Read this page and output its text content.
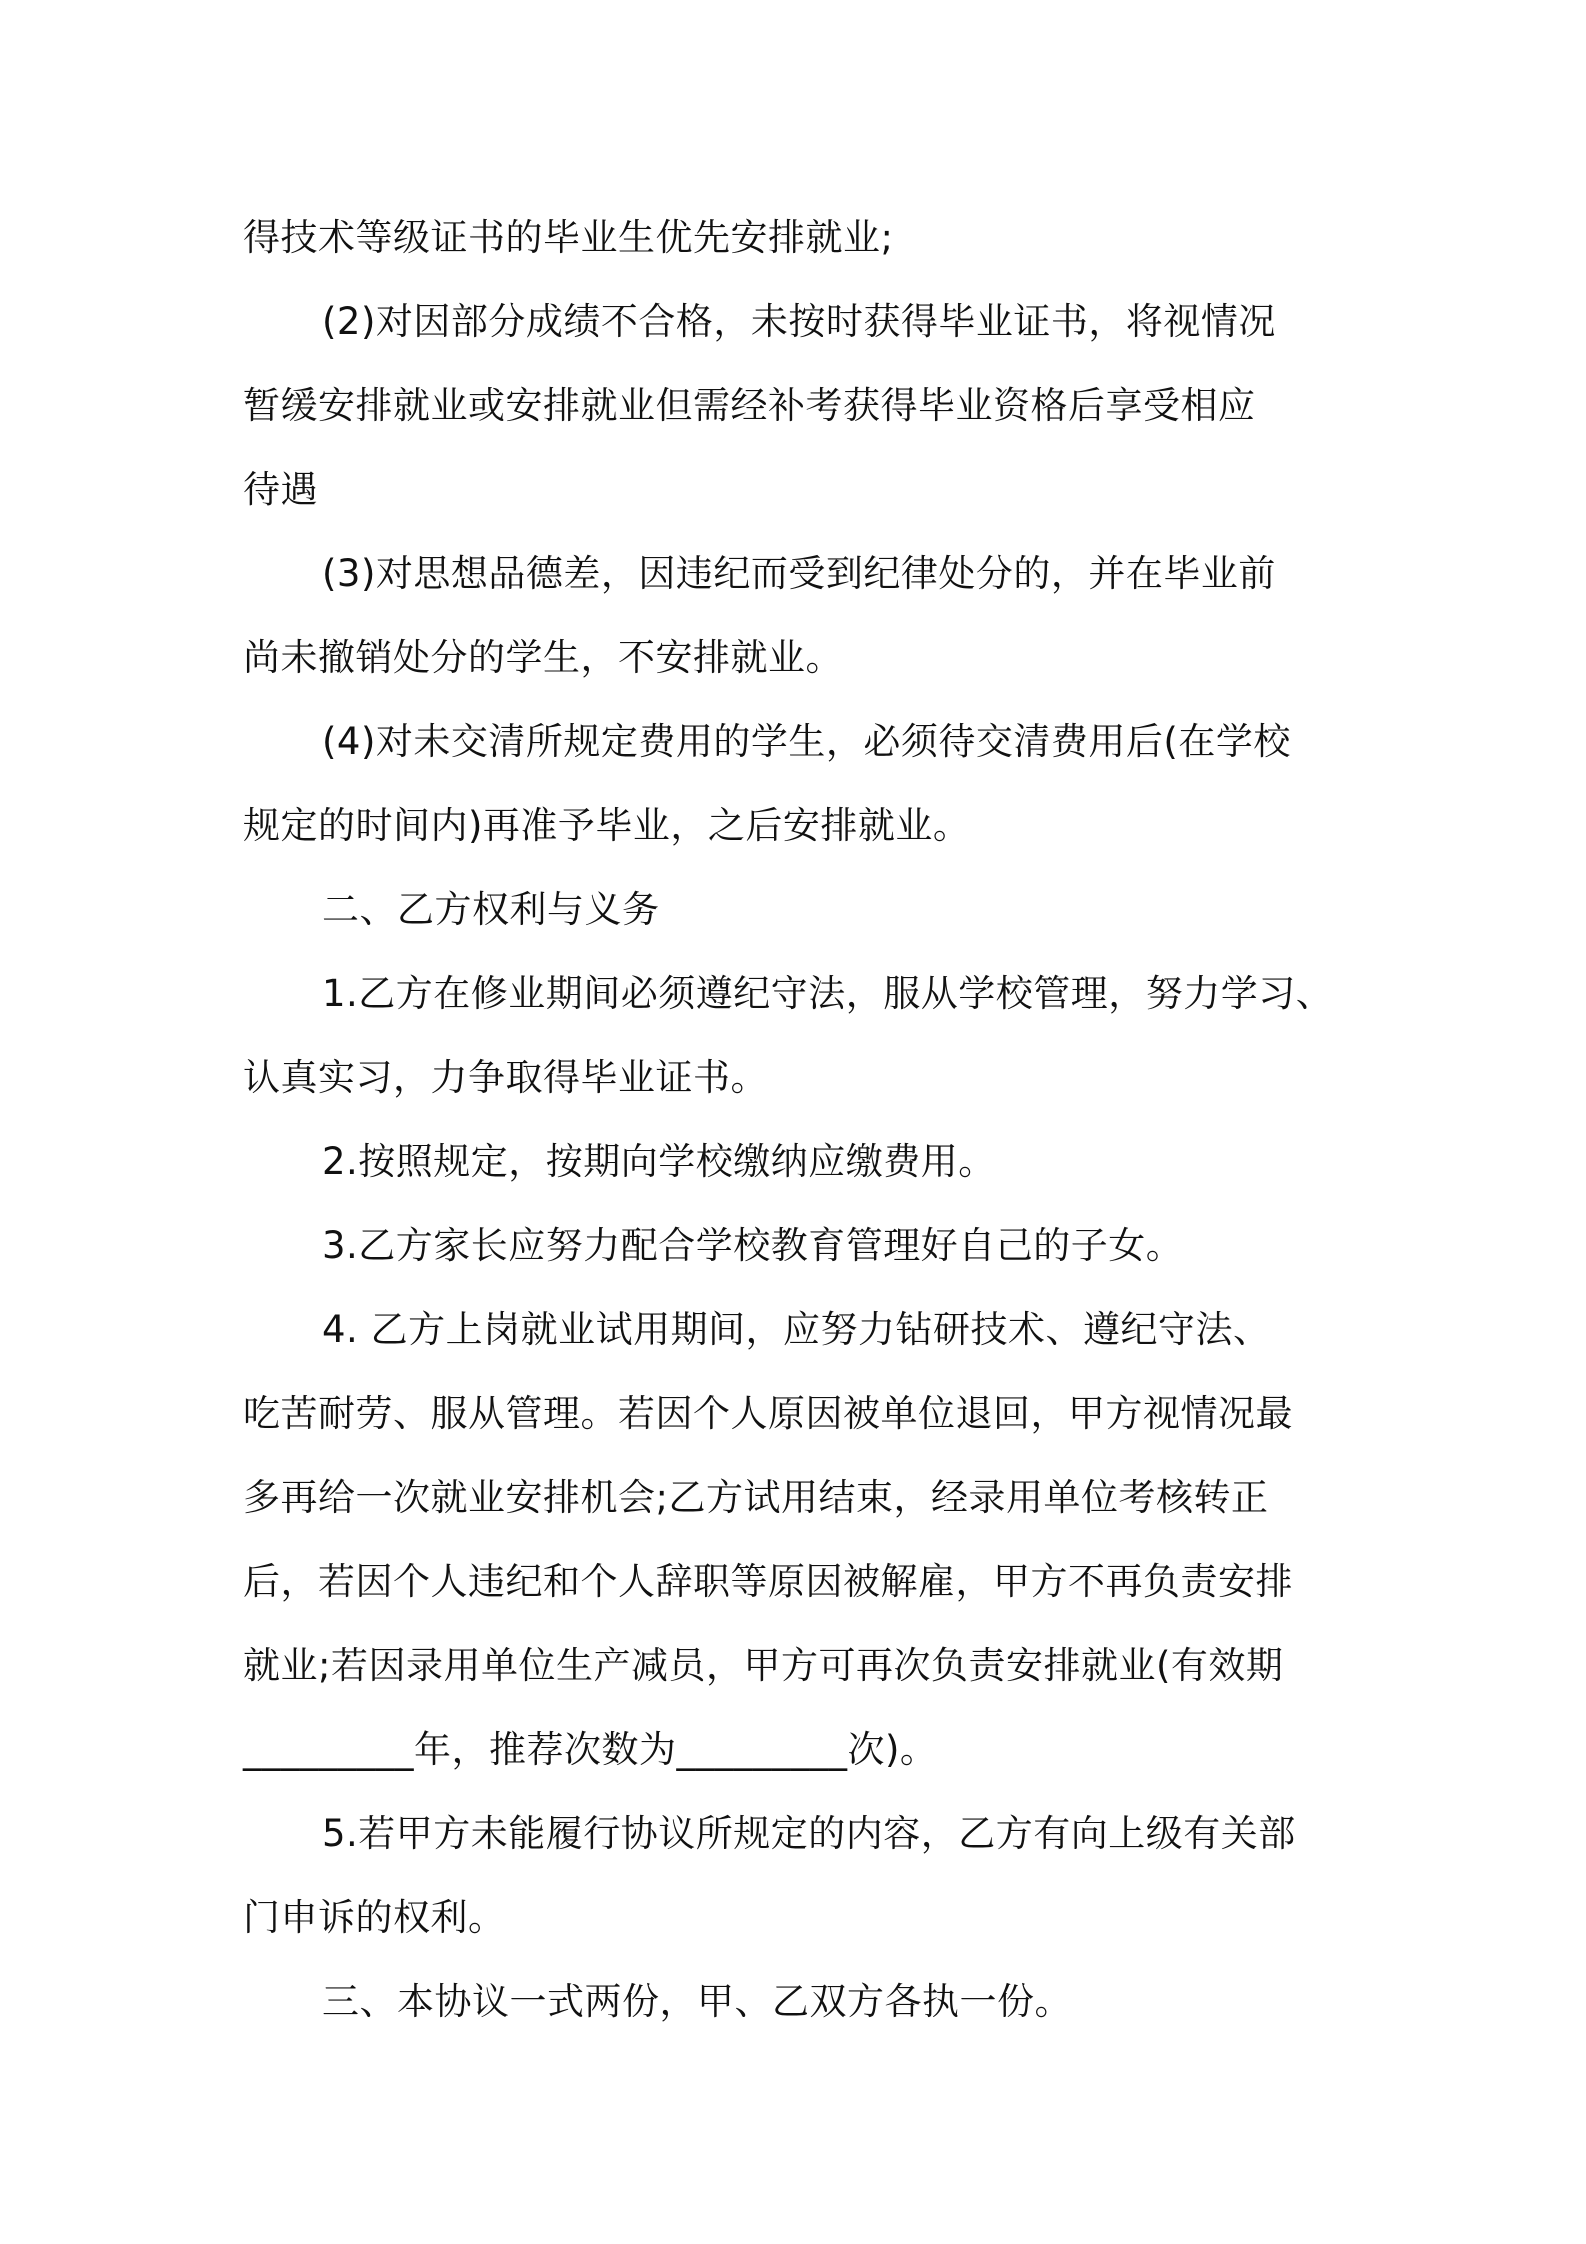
得技术等级证书的毕业生优先安排就业;
(2)对因部分成绩不合格，未按时获得毕业证书，将视情况
暂缓安排就业或安排就业但需经补考获得毕业资格后享受相应
待遇
(3)对思想品德差，因违纪而受到纪律处分的，并在毕业前
尚未撤销处分的学生，不安排就业。
(4)对未交清所规定费用的学生，必须待交清费用后(在学校
规定的时间内)再准予毕业，之后安排就业。
二、乙方权利与义务
1.乙方在修业期间必须遵纪守法，服从学校管理，努力学习、
认真实习，力争取得毕业证书。
2.按照规定，按期向学校缴纳应缴费用。
3.乙方家长应努力配合学校教育管理好自己的子女。
4. 乙方上岗就业试用期间，应努力钻研技术、遵纪守法、
吃苦耐劳、服从管理。若因个人原因被单位退回，甲方视情况最
多再给一次就业安排机会;乙方试用结束，经录用单位考核转正
后，若因个人违纪和个人辞职等原因被解雇，甲方不再负责安排
就业;若因录用单位生产减员，甲方可再次负责安排就业(有效期
_________年，推荐次数为_________次)。
5.若甲方未能履行协议所规定的内容，乙方有向上级有关部
门申诉的权利。
三、本协议一式两份，甲、乙双方各执一份。
